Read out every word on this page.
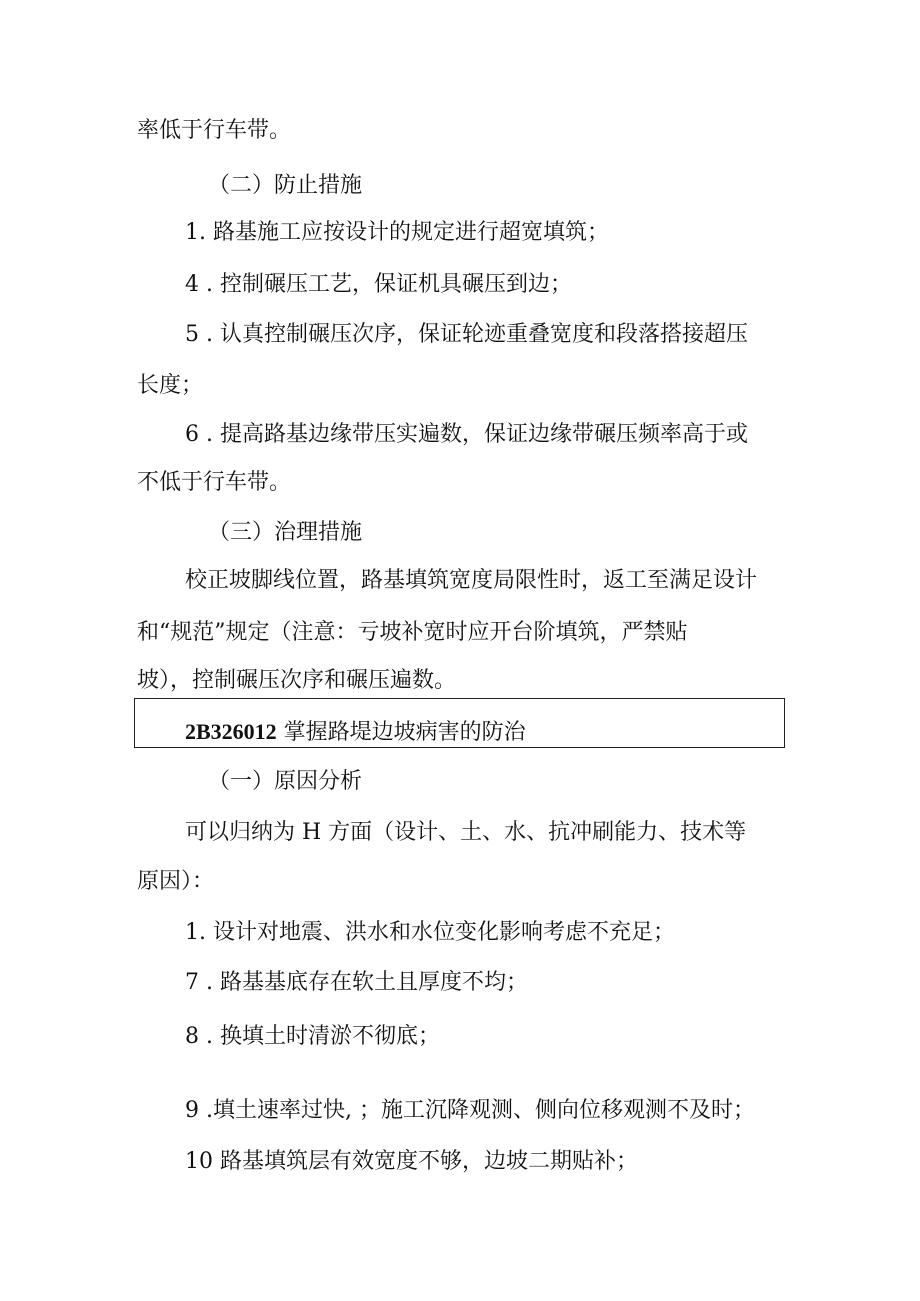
率低于行车带。
（二）防止措施
1. 路基施工应按设计的规定进行超宽填筑；
4 . 控制碾压工艺，保证机具碾压到边；
5 . 认真控制碾压次序，保证轮迹重叠宽度和段落搭接超压
长度；
6 . 提高路基边缘带压实遍数，保证边缘带碾压频率高于或
不低于行车带。
（三）治理措施
校正坡脚线位置，路基填筑宽度局限性时，返工至满足设计
和“规范”规定（注意：亏坡补宽时应开台阶填筑，严禁贴
坡），控制碾压次序和碾压遍数。
2B326012 掌握路堤边坡病害的防治
（一）原因分析
可以归纳为 H 方面（设计、土、水、抗冲刷能力、技术等
原因）：
1. 设计对地震、洪水和水位变化影响考虑不充足；
7 . 路基基底存在软土且厚度不均；
8 . 换填土时清淤不彻底；
9 .填土速率过快, ；施工沉降观测、侧向位移观测不及时；
10 路基填筑层有效宽度不够，边坡二期贴补；
